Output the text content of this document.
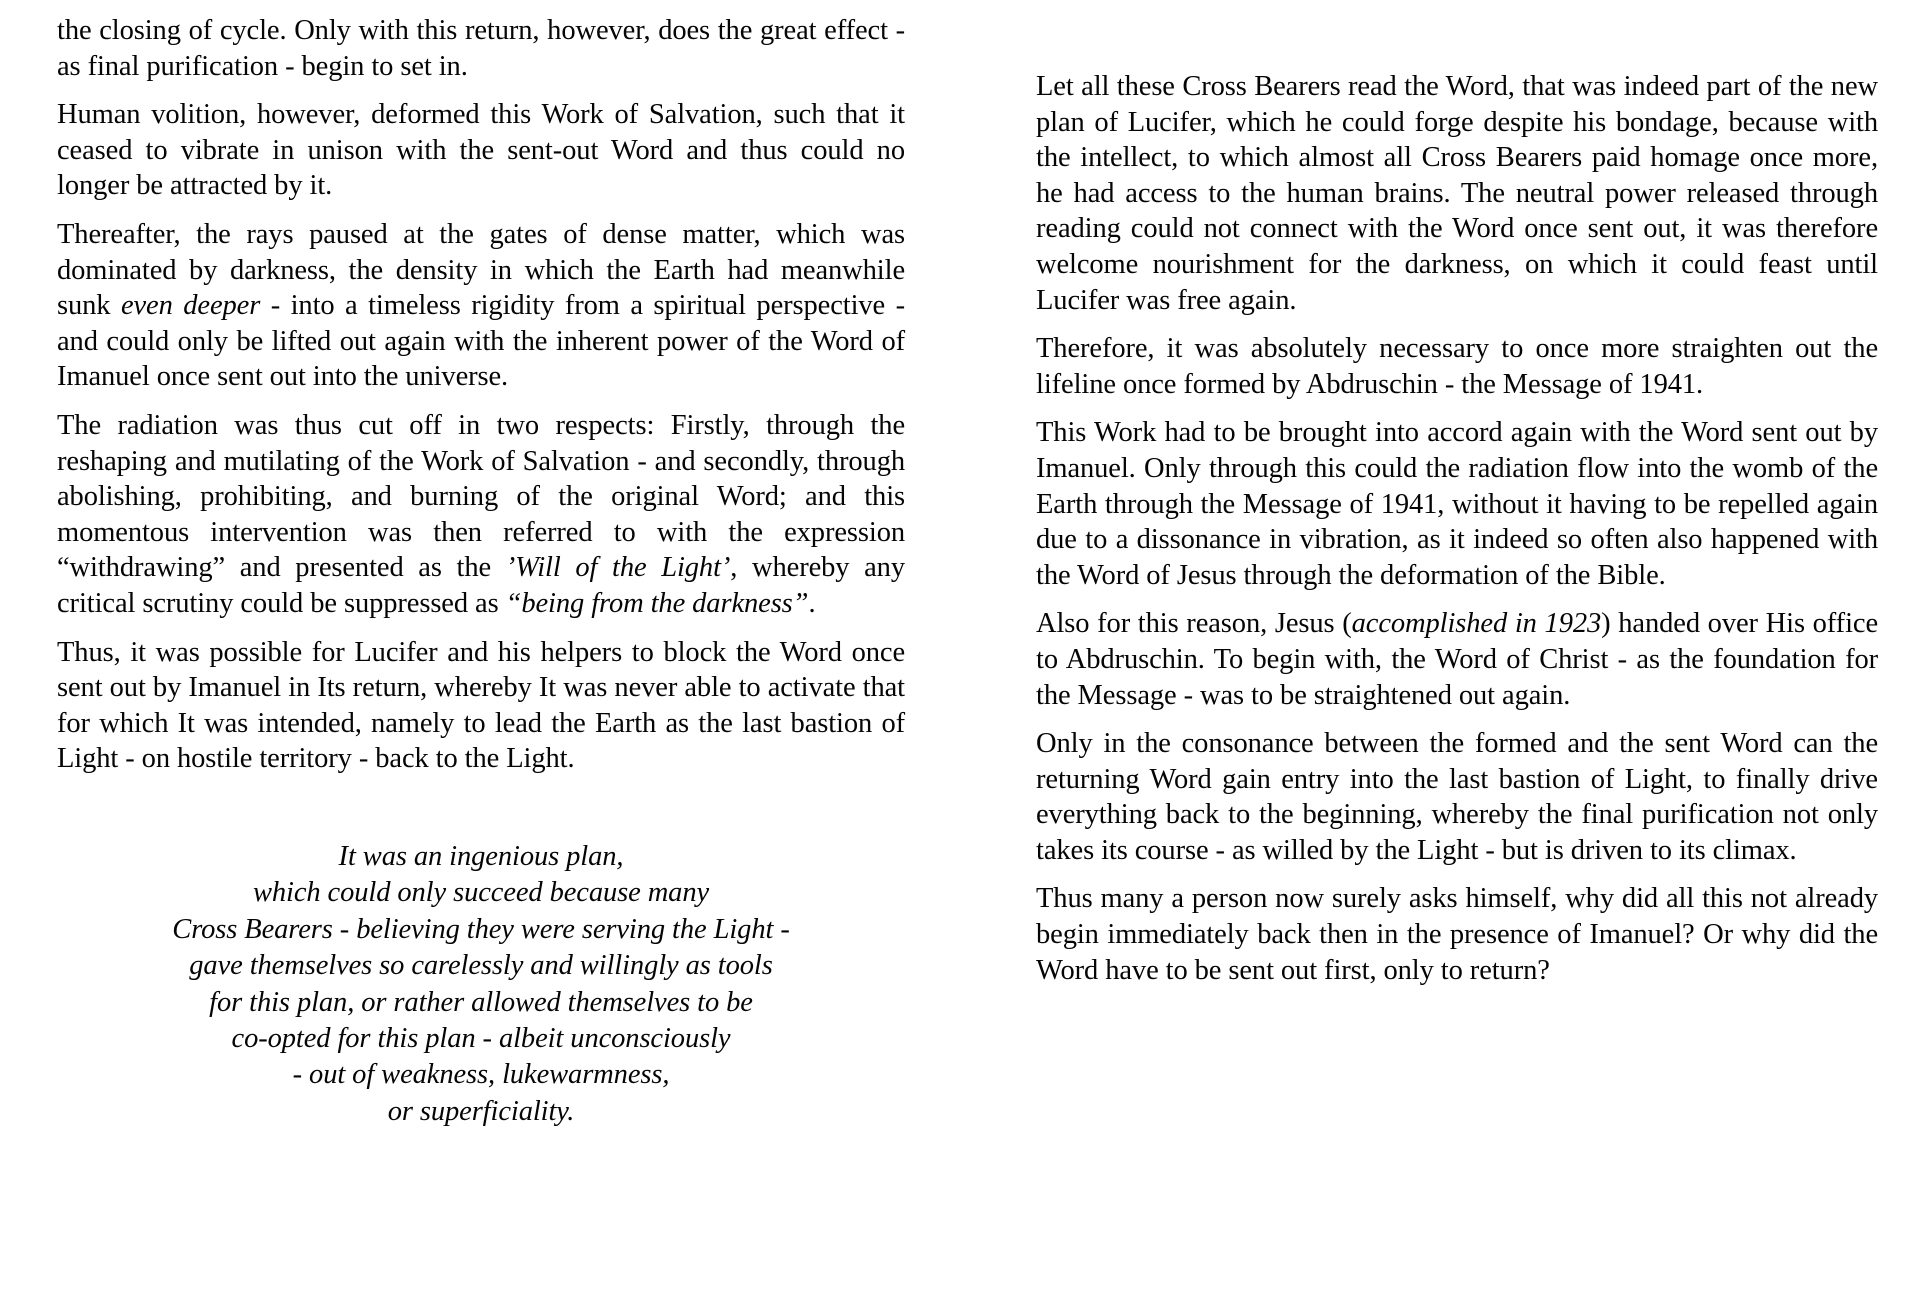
the closing of cycle. Only with this return, however, does the great effect - as final purification - begin to set in.

Human volition, however, deformed this Work of Salvation, such that it ceased to vibrate in unison with the sent-out Word and thus could no longer be attracted by it.

Thereafter, the rays paused at the gates of dense matter, which was dominated by darkness, the density in which the Earth had meanwhile sunk even deeper - into a timeless rigidity from a spiritual perspective - and could only be lifted out again with the inherent power of the Word of Imanuel once sent out into the universe.

The radiation was thus cut off in two respects: Firstly, through the reshaping and mutilating of the Work of Salvation - and secondly, through abolishing, prohibiting, and burning of the original Word; and this momentous intervention was then referred to with the expression “withdrawing” and presented as the ’Will of the Light’, whereby any critical scrutiny could be suppressed as “being from the darkness”.

Thus, it was possible for Lucifer and his helpers to block the Word once sent out by Imanuel in Its return, whereby It was never able to activate that for which It was intended, namely to lead the Earth as the last bastion of Light - on hostile territory - back to the Light.

It was an ingenious plan,
which could only succeed because many
Cross Bearers - believing they were serving the Light -
gave themselves so carelessly and willingly as tools
for this plan, or rather allowed themselves to be
co-opted for this plan - albeit unconsciously
- out of weakness, lukewarmness,
or superficiality.

Let all these Cross Bearers read the Word, that was indeed part of the new plan of Lucifer, which he could forge despite his bondage, because with the intellect, to which almost all Cross Bearers paid homage once more, he had access to the human brains. The neutral power released through reading could not connect with the Word once sent out, it was therefore welcome nourishment for the darkness, on which it could feast until Lucifer was free again.

Therefore, it was absolutely necessary to once more straighten out the lifeline once formed by Abdruschin - the Message of 1941.

This Work had to be brought into accord again with the Word sent out by Imanuel. Only through this could the radiation flow into the womb of the Earth through the Message of 1941, without it having to be repelled again due to a dissonance in vibration, as it indeed so often also happened with the Word of Jesus through the deformation of the Bible.

Also for this reason, Jesus (accomplished in 1923) handed over His office to Abdruschin. To begin with, the Word of Christ - as the foundation for the Message - was to be straightened out again.

Only in the consonance between the formed and the sent Word can the returning Word gain entry into the last bastion of Light, to finally drive everything back to the beginning, whereby the final purification not only takes its course - as willed by the Light - but is driven to its climax.

Thus many a person now surely asks himself, why did all this not already begin immediately back then in the presence of Imanuel? Or why did the Word have to be sent out first, only to return?
